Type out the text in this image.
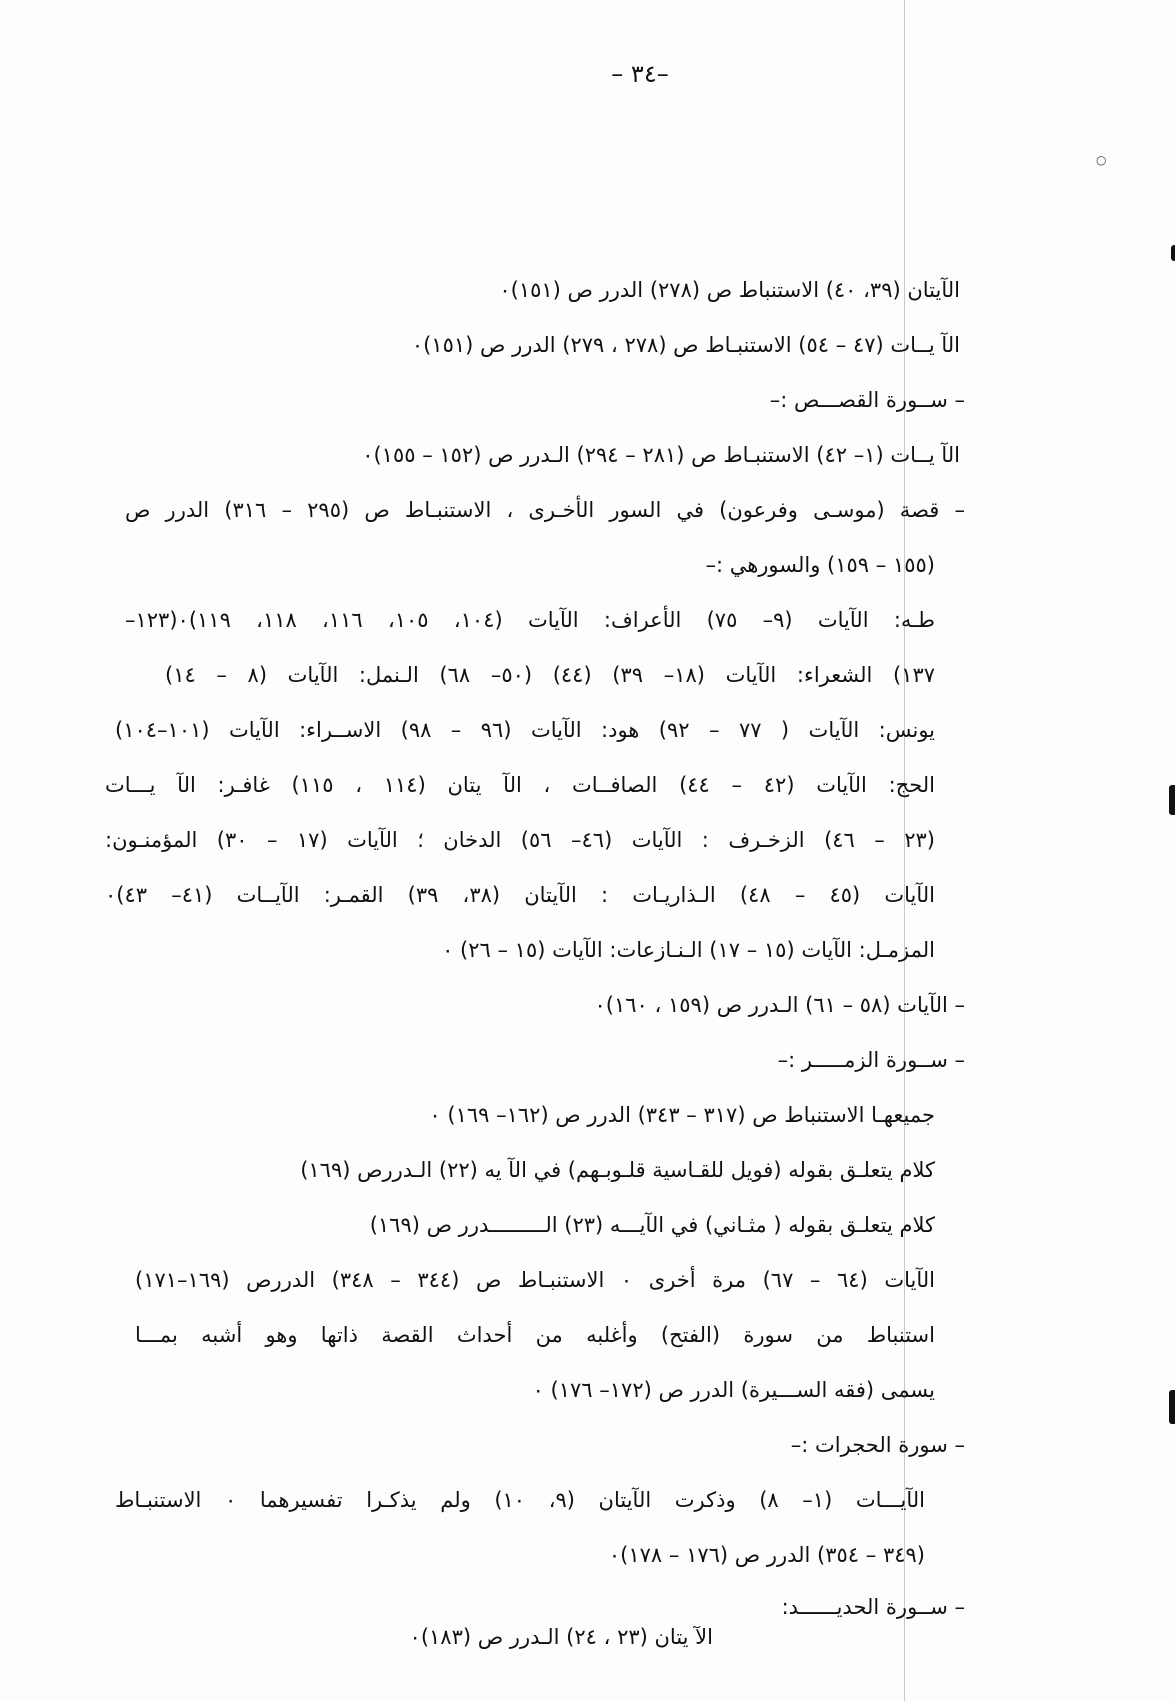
–٣٤ –
○
الآيتان (٣٩، ٤٠) الاستنباط ص (٢٧٨) الدرر ص (١٥١)٠
الآ يــات (٤٧ – ٥٤) الاستنبـاط ص (٢٧٨ ، ٢٧٩) الدرر ص (١٥١)٠
– ســورة القصـــص :–
الآ يــات (١– ٤٢) الاستنبـاط ص (٢٨١ – ٢٩٤) الـدرر ص (١٥٢ – ١٥٥)٠
– قصة (موسـى وفرعون) في السور الأخـرى ، الاستنبـاط ص (٢٩٥ – ٣١٦) الدرر ص
(١٥٥ – ١٥٩) والسورهي :–
طـه: الآيات (٩– ٧٥) الأعراف: الآيات (١٠٤، ١٠٥، ١١٦، ١١٨، ١١٩)٠(١٢٣–
١٣٧) الشعراء: الآيات (١٨– ٣٩) (٤٤) (٥٠– ٦٨) الـنمل: الآيات (٨ – ١٤)
يونس: الآيات ( ٧٧ – ٩٢) هود: الآيات (٩٦ – ٩٨) الاســراء: الآيات (١٠١–١٠٤)
الحج: الآيات (٤٢ – ٤٤) الصافــات ، الآ يتان (١١٤ ، ١١٥) غافـر: الآ يـــات
(٢٣ – ٤٦) الزخـرف : الآيات (٤٦– ٥٦) الدخان ؛ الآيات (١٧ – ٣٠) المؤمنـون:
الآيات (٤٥ – ٤٨) الـذاريـات : الآيتان (٣٨، ٣٩) القمـر: الآيــات (٤١– ٤٣)٠
المزمـل: الآيات (١٥ – ١٧) الـنـازعات: الآيات (١٥ – ٢٦) ٠
– الآيات (٥٨ – ٦١) الـدرر ص (١٥٩ ، ١٦٠)٠
– ســورة الزمـــــر :–
جميعهـا الاستنباط ص (٣١٧ – ٣٤٣) الدرر ص (١٦٢– ١٦٩) ٠
كلام يتعلـق بقوله (فويل للقـاسية قلـوبـهم) في الآ يه (٢٢) الـدررص (١٦٩)
كلام يتعلـق بقوله ( مثـاني) في الآيـــه (٢٣) الـــــــــدرر ص (١٦٩)
الآيات (٦٤ – ٦٧) مرة أخرى ٠ الاستنبـاط ص (٣٤٤ – ٣٤٨) الدررص (١٦٩–١٧١)
استنباط من سورة (الفتح) وأغلبه من أحداث القصة ذاتها وهو أشبه بمـــا
يسمى (فقه الســـيرة) الدرر ص (١٧٢– ١٧٦) ٠
– سورة الحجرات :–
الآيـــات (١– ٨) وذكرت الآيتان (٩، ١٠) ولم يذكـرا تفسيرهما ٠ الاستنبـاط
(٣٤٩ – ٣٥٤) الدرر ص (١٧٦ – ١٧٨)٠
– ســورة الحديــــــد:
الآ يتان (٢٣ ، ٢٤) الـدرر ص (١٨٣)٠
